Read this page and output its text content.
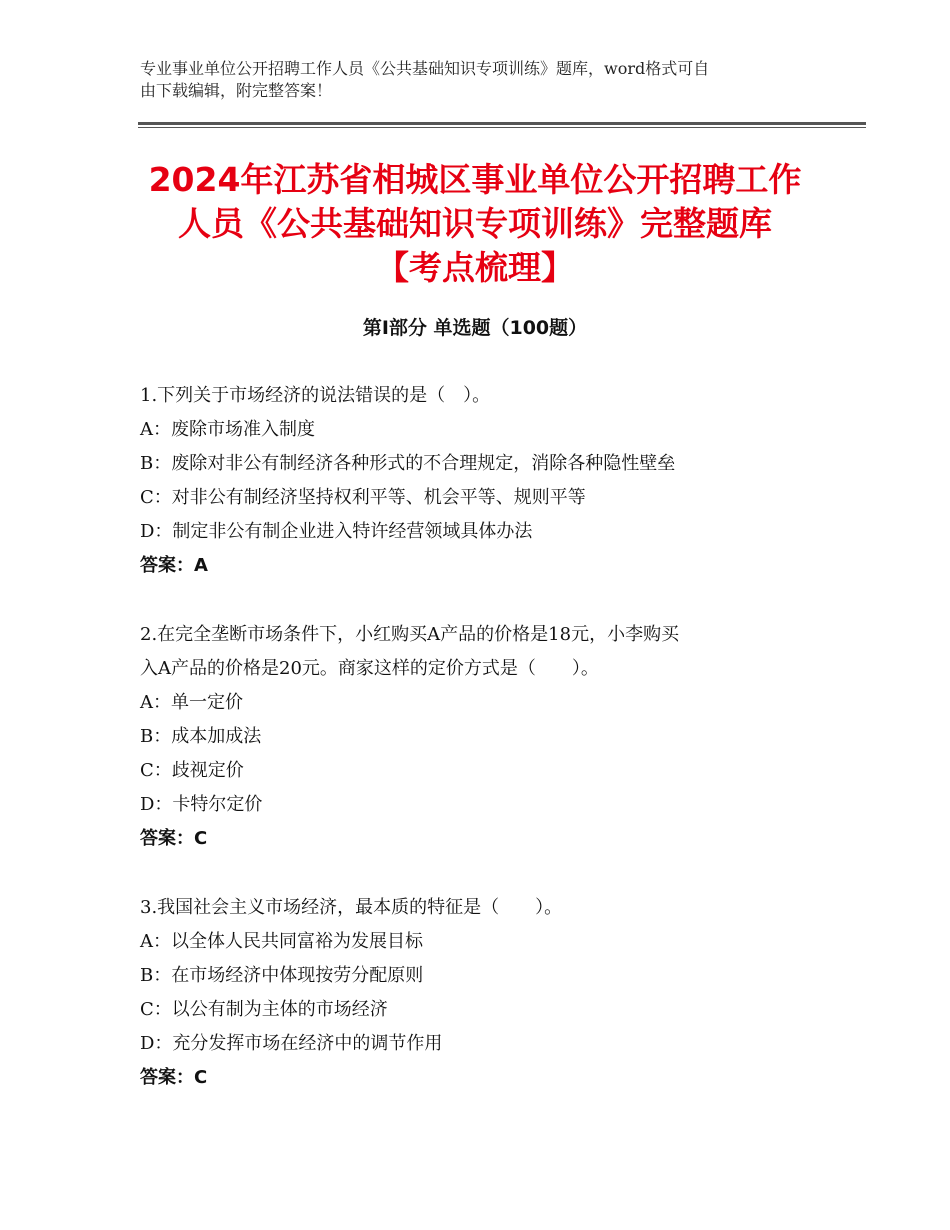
专业事业单位公开招聘工作人员《公共基础知识专项训练》题库，word格式可自
由下载编辑，附完整答案！
2024年江苏省相城区事业单位公开招聘工作
人员《公共基础知识专项训练》完整题库
【考点梳理】
第Ⅰ部分 单选题（100题）
1.下列关于市场经济的说法错误的是（　）。
A：废除市场准入制度
B：废除对非公有制经济各种形式的不合理规定，消除各种隐性壁垒
C：对非公有制经济坚持权利平等、机会平等、规则平等
D：制定非公有制企业进入特许经营领域具体办法
答案：A
2.在完全垄断市场条件下，小红购买A产品的价格是18元，小李购买
入A产品的价格是20元。商家这样的定价方式是（　　）。
A：单一定价
B：成本加成法
C：歧视定价
D：卡特尔定价
答案：C
3.我国社会主义市场经济，最本质的特征是（　　）。
A：以全体人民共同富裕为发展目标
B：在市场经济中体现按劳分配原则
C：以公有制为主体的市场经济
D：充分发挥市场在经济中的调节作用
答案：C
